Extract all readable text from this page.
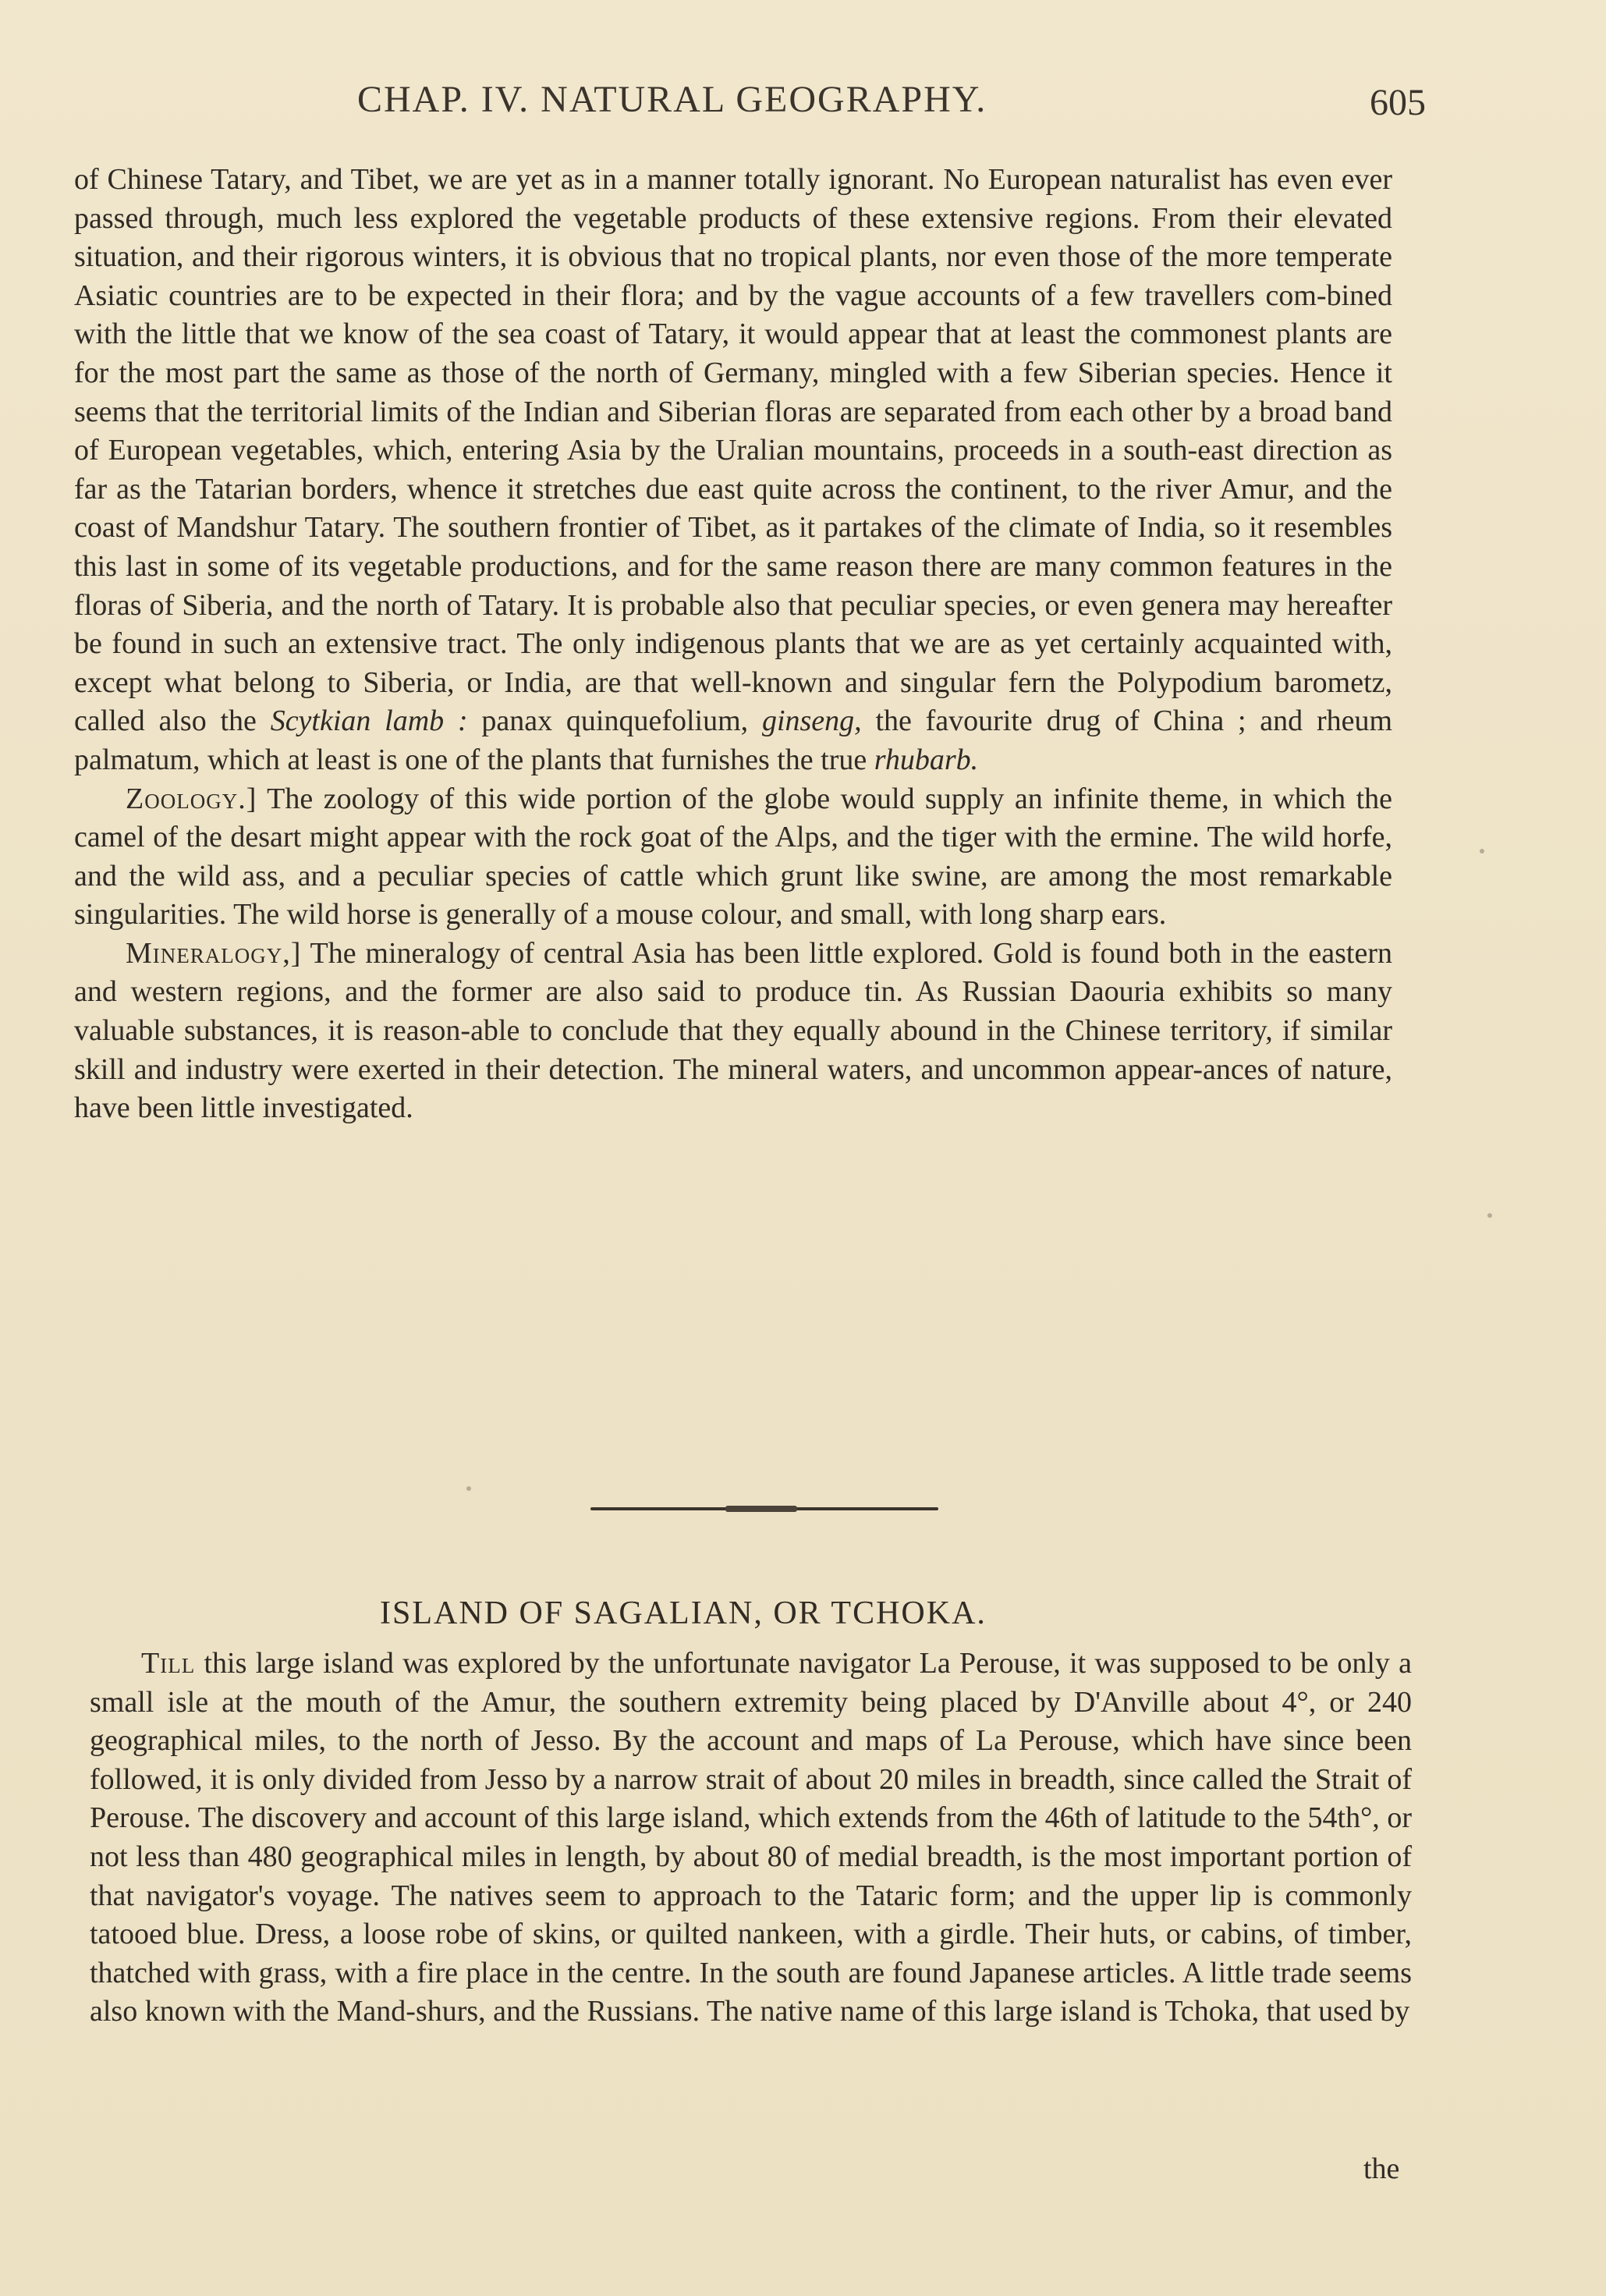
CHAP. IV. NATURAL GEOGRAPHY.	605

of Chinese Tatary, and Tibet, we are yet as in a manner totally ignorant. No European naturalist has even ever passed through, much less explored the vegetable products of these extensive regions. From their elevated situation, and their rigorous winters, it is obvious that no tropical plants, nor even those of the more temperate Asiatic countries are to be expected in their flora; and by the vague accounts of a few travellers com-bined with the little that we know of the sea coast of Tatary, it would appear that at least the commonest plants are for the most part the same as those of the north of Germany, mingled with a few Siberian species. Hence it seems that the territorial limits of the Indian and Siberian floras are separated from each other by a broad band of European vegetables, which, entering Asia by the Uralian mountains, proceeds in a south-east direction as far as the Tatarian borders, whence it stretches due east quite across the continent, to the river Amur, and the coast of Mandshur Tatary. The southern frontier of Tibet, as it partakes of the climate of India, so it resembles this last in some of its vegetable productions, and for the same reason there are many common features in the floras of Siberia, and the north of Tatary. It is probable also that peculiar species, or even genera may hereafter be found in such an extensive tract. The only indigenous plants that we are as yet certainly acquainted with, except what belong to Siberia, or India, are that well-known and singular fern the Polypodium barometz, called also the Scytkian lamb : panax quinquefolium, ginseng, the favourite drug of China ; and rheum palmatum, which at least is one of the plants that furnishes the true rhubarb.

Zoology.] The zoology of this wide portion of the globe would supply an infinite theme, in which the camel of the desart might appear with the rock goat of the Alps, and the tiger with the ermine. The wild horfe, and the wild ass, and a peculiar species of cattle which grunt like swine, are among the most remarkable singularities. The wild horse is generally of a mouse colour, and small, with long sharp ears.

Mineralogy,] The mineralogy of central Asia has been little explored. Gold is found both in the eastern and western regions, and the former are also said to produce tin. As Russian Daouria exhibits so many valuable substances, it is reason-able to conclude that they equally abound in the Chinese territory, if similar skill and industry were exerted in their detection. The mineral waters, and uncommon appear-ances of nature, have been little investigated.

ISLAND OF SAGALIAN, OR TCHOKA.

Till this large island was explored by the unfortunate navigator La Perouse, it was supposed to be only a small isle at the mouth of the Amur, the southern extremity being placed by D'Anville about 4°, or 240 geographical miles, to the north of Jesso. By the account and maps of La Perouse, which have since been followed, it is only divided from Jesso by a narrow strait of about 20 miles in breadth, since called the Strait of Perouse. The discovery and account of this large island, which extends from the 46th of latitude to the 54th°, or not less than 480 geographical miles in length, by about 80 of medial breadth, is the most important portion of that navigator's voyage. The natives seem to approach to the Tataric form; and the upper lip is commonly tatooed blue. Dress, a loose robe of skins, or quilted nankeen, with a girdle. Their huts, or cabins, of timber, thatched with grass, with a fire place in the centre. In the south are found Japanese articles. A little trade seems also known with the Mand-shurs, and the Russians. The native name of this large island is Tchoka, that used by

the
